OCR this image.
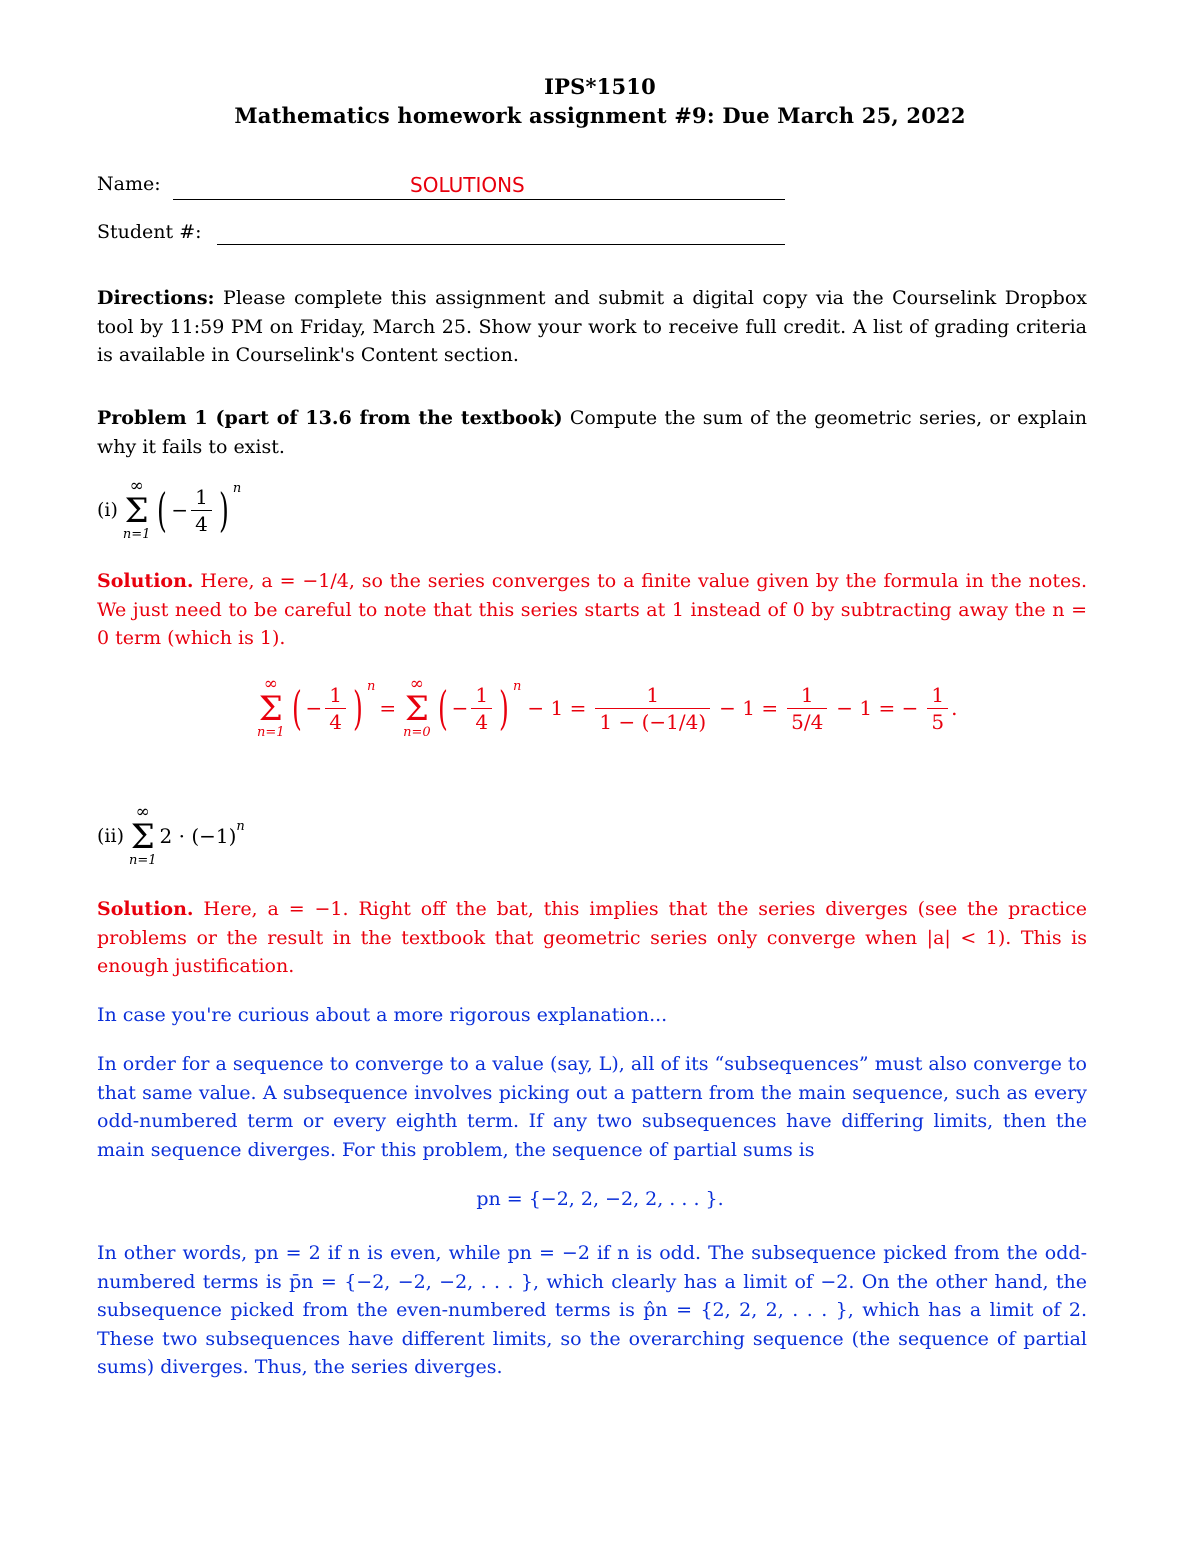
IPS*1510
Mathematics homework assignment #9: Due March 25, 2022
Name:	SOLUTIONS
Student #:
Directions: Please complete this assignment and submit a digital copy via the Courselink Dropbox tool by 11:59 PM on Friday, March 25. Show your work to receive full credit. A list of grading criteria is available in Courselink's Content section.
Problem 1 (part of 13.6 from the textbook) Compute the sum of the geometric series, or explain why it fails to exist.
(i)
∞
Σ
n=1 ( − $\frac{1}{4}$ ) n
Solution. Here, a = −1/4, so the series converges to a finite value given by the formula in the notes. We just need to be careful to note that this series starts at 1 instead of 0 by subtracting away the n = 0 term (which is 1).
∞
Σ
n=1 ( − $\frac{1}{4}$ ) n
=
∞
Σ
n=0 ( − $\frac{1}{4}$ ) n
− $1 = \frac{1}{1 - (-1/4)} - 1 = \frac{1}{5/4} - 1$ = − $\frac{1}{5}$ .
(ii)
∞
Σ
n=1
2 · (−1) n
Solution. Here, a = −1. Right off the bat, this implies that the series diverges (see the practice problems or the result in the textbook that geometric series only converge when |a| < 1). This is enough justification.
In case you're curious about a more rigorous explanation...
In order for a sequence to converge to a value (say, L), all of its “subsequences” must also converge to that same value. A subsequence involves picking out a pattern from the main sequence, such as every odd-numbered term or every eighth term. If any two subsequences have differing limits, then the main sequence diverges. For this problem, the sequence of partial sums is
pn = {−2, 2, −2, 2, . . . }.
In other words, pn = 2 if n is even, while pn = −2 if n is odd. The subsequence picked from the odd-numbered terms is p̄n = {−2, −2, −2, . . . }, which clearly has a limit of −2. On the other hand, the subsequence picked from the even-numbered terms is p̂n = {2, 2, 2, . . . }, which has a limit of 2. These two subsequences have different limits, so the overarching sequence (the sequence of partial sums) diverges. Thus, the series diverges.
